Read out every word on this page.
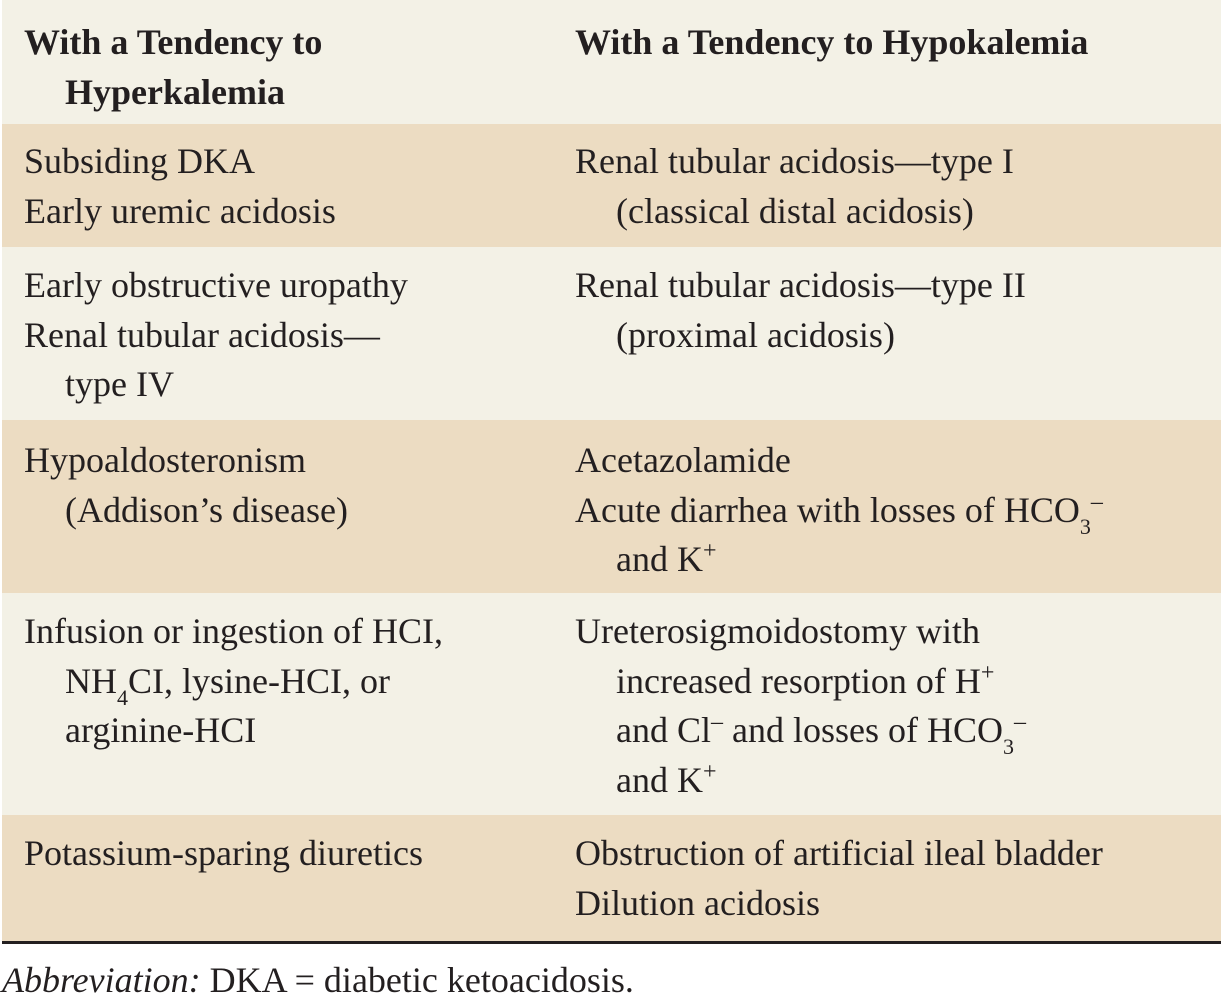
With a Tendency to
Hyperkalemia
With a Tendency to Hypokalemia
Subsiding DKA
Early uremic acidosis
Renal tubular acidosis—type I
(classical distal acidosis)
Early obstructive uropathy
Renal tubular acidosis—
type IV
Renal tubular acidosis—type II
(proximal acidosis)
Hypoaldosteronism
(Addison’s disease)
Acetazolamide
Acute diarrhea with losses of $HCO_3^-$
and K+
Infusion or ingestion of HCI,
$NH_4CI$, lysine-HCI, or
arginine-HCI
Ureterosigmoidostomy with
increased resorption of H+
and Cl– and losses of $HCO_3^-$
and K+
Potassium-sparing diuretics	Obstruction of artificial ileal bladder
Dilution acidosis
Abbreviation: DKA = diabetic ketoacidosis.
